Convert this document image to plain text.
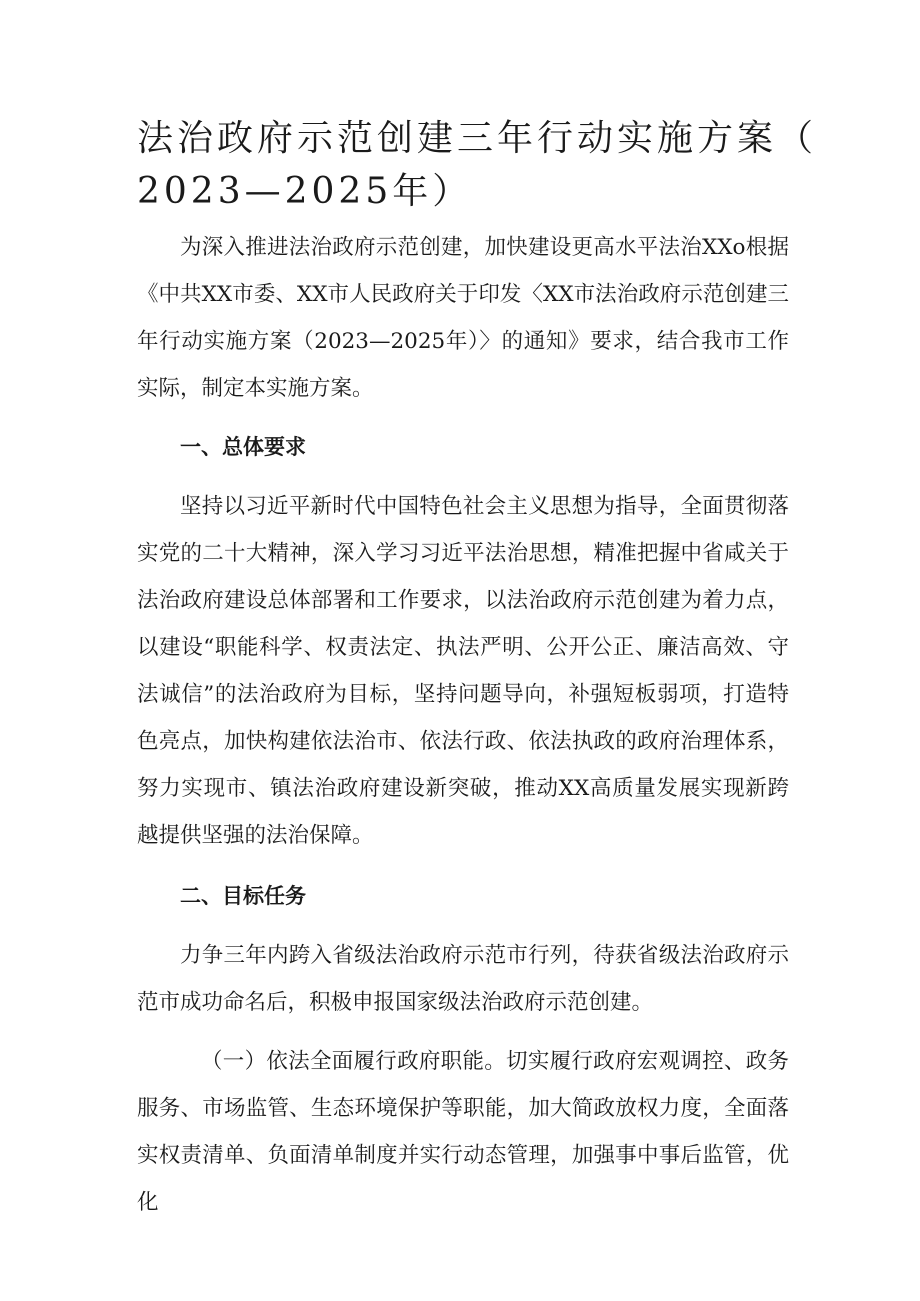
法治政府示范创建三年行动实施方案（
2023—2025年）

为深入推进法治政府示范创建，加快建设更高水平法治XXo根据《中共XX市委、XX市人民政府关于印发〈XX市法治政府示范创建三年行动实施方案（2023—2025年）〉的通知》要求，结合我市工作实际，制定本实施方案。

一、总体要求

坚持以习近平新时代中国特色社会主义思想为指导，全面贯彻落实党的二十大精神，深入学习习近平法治思想，精准把握中省咸关于法治政府建设总体部署和工作要求，以法治政府示范创建为着力点，以建设“职能科学、权责法定、执法严明、公开公正、廉洁高效、守法诚信”的法治政府为目标，坚持问题导向，补强短板弱项，打造特色亮点，加快构建依法治市、依法行政、依法执政的政府治理体系，努力实现市、镇法治政府建设新突破，推动XX高质量发展实现新跨越提供坚强的法治保障。

二、目标任务

力争三年内跨入省级法治政府示范市行列，待获省级法治政府示范市成功命名后，积极申报国家级法治政府示范创建。

（一）依法全面履行政府职能。切实履行政府宏观调控、政务服务、市场监管、生态环境保护等职能，加大简政放权力度，全面落实权责清单、负面清单制度并实行动态管理，加强事中事后监管，优化
